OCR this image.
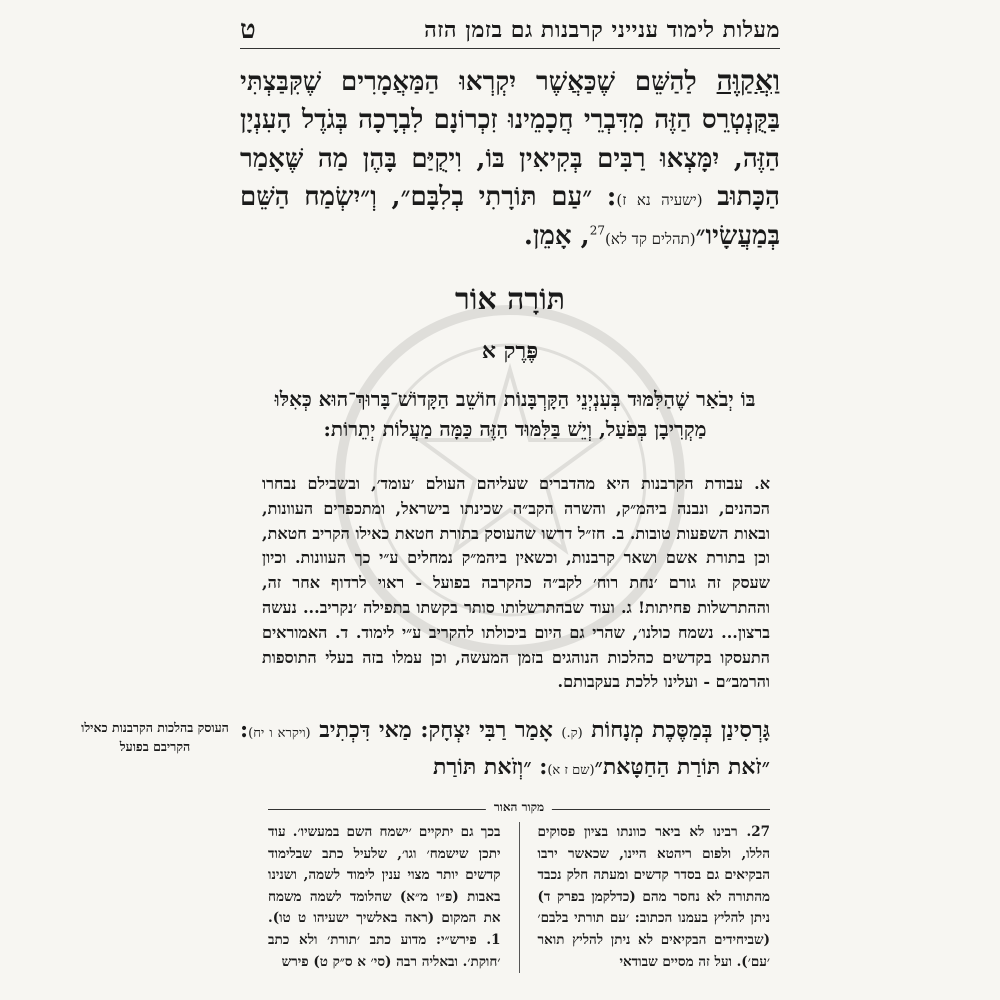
מעלות לימוד ענייני קרבנות גם בזמן הזה
ט
וַאֲקַוֶּה לַהַשֵּׁם שֶׁכַּאֲשֶׁר יִקְרְאוּ הַמַּאֲמָרִים שֶׁקִּבַּצְתִּי בַּקֻּנְטְרֵס הַזֶּה מִדִּבְרֵי חֲכָמֵינוּ זִכְרוֹנָם לִבְרָכָה בְּגֹדֶל הָעִנְיָן הַזֶּה, יִמָּצְאוּ רַבִּים בְּקִיאִין בּוֹ, וִיקֻיַּם בָּהֶן מַה שֶּׁאָמַר הַכָּתוּב (ישעיה נא ז): ״עַם תּוֹרָתִי בְלִבָּם״, וְ״יִשְׂמַח הַשֵּׁם בְּמַעֲשָׂיו״(תהלים קד לא)$^{27}$, אָמֵן.
תּוֹרָה אוֹר
פֶּרֶק א
בּוֹ יְבֹאַר שֶׁהַלִּמּוּד בְּעִנְיְנֵי הַקָּרְבָּנוֹת חוֹשֵׁב הַקָּדוֹשׁ־בָּרוּךְ־הוּא כְּאִלּוּ מַקְרִיבָן בְּפֹעַל, וְיֵשׁ בַּלִּמּוּד הַזֶּה כַּמָּה מַעֲלוֹת יְתֵרוֹת:
א. עבודת הקרבנות היא מהדברים שעליהם העולם ׳עומד׳, ובשבילם נבחרו הכהנים, ונבנה ביהמ״ק, והשרה הקב״ה שכינתו בישראל, ומתכפרים העוונות, ובאות השפעות טובות. ב. חז״ל דרשו שהעוסק בתורת חטאת כאילו הקריב חטאת, וכן בתורת אשם ושאר קרבנות, וכשאין ביהמ״ק נמחלים ע״י כך העוונות. וכיון שעסק זה גורם ׳נחת רוח׳ לקב״ה כהקרבה בפועל - ראוי לרדוף אחר זה, וההתרשלות פחיתות! ג. ועוד שבהתרשלותו סותר בקשתו בתפילה ׳נקריב... נעשה ברצון... נשמח כולנו׳, שהרי גם היום ביכולתו להקריב ע״י לימוד. ד. האמוראים התעסקו בקדשים כהלכות הנוהגים בזמן המעשה, וכן עמלו בזה בעלי התוספות והרמב״ם - ועלינו ללכת בעקבותם.
גָּרְסִינַן בְּמַסֶּכֶת מְנָחוֹת (ק.) אָמַר רַבִּי יִצְחָק: מַאי דִּכְתִיב (ויקרא ו יח): ״זֹאת תּוֹרַת הַחַטָּאת״(שם ז א): ״וְזֹאת תּוֹרַת
העוסק בהלכות הקרבנות כאילו הקריבם בפועל
מקור האור

27. רבינו לא ביאר כוונתו בציון פסוקים הללו, ולפום ריהטא היינו, שכאשר ירבו הבקיאים גם בסדר קדשים ומעתה חלק נכבד מהתורה לא נחסר מהם (כדלקמן בפרק ד) ניתן להליץ בעמנו הכתוב: ׳עם תורתי בלבם׳ (שביחידים הבקיאים לא ניתן להליץ תואר ׳עם׳). ועל זה מסיים שבודאי

בכך גם יתקיים ׳ישמח השם במעשיו׳. עוד יתכן שישמח׳ וגו׳, שלעיל כתב שבלימוד קדשים יותר מצוי ענין לימוד לשמה, ושנינו באבות (פ״ו מ״א) שהלומד לשמה משמח את המקום (ראה באלשיך ישעיהו ט טו). 1. פירש״י: מדוע כתב ׳תורת׳ ולא כתב ׳חוקת׳. ובאליה רבה (סי׳ א ס״ק ט) פירש
